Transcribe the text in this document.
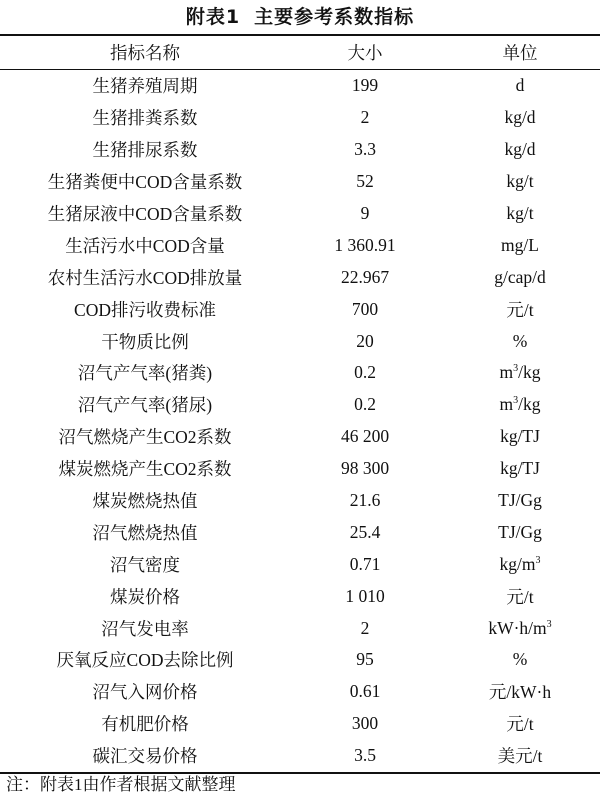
附表1 主要参考系数指标
指标名称	大小	单位
生猪养殖周期	199	d
生猪排粪系数	2	kg/d
生猪排尿系数	3.3	kg/d
生猪粪便中COD含量系数	52	kg/t
生猪尿液中COD含量系数	9	kg/t
生活污水中COD含量	1 360.91	mg/L
农村生活污水COD排放量	22.967	g/cap/d
COD排污收费标准	700	元/t
干物质比例	20	%
沼气产气率(猪粪)	0.2	$m^3/kg$
沼气产气率(猪尿)	0.2	$m^3/kg$
沼气燃烧产生CO2系数	46 200	kg/TJ
煤炭燃烧产生CO2系数	98 300	kg/TJ
煤炭燃烧热值	21.6	TJ/Gg
沼气燃烧热值	25.4	TJ/Gg
沼气密度	0.71	$kg/m^3$
煤炭价格	1 010	元/t
沼气发电率	2	$kW\cdot h/m^3$
厌氧反应COD去除比例	95	%
沼气入网价格	0.61	元/kW·h
有机肥价格	300	元/t
碳汇交易价格	3.5	美元/t
注：附表1由作者根据文献整理
